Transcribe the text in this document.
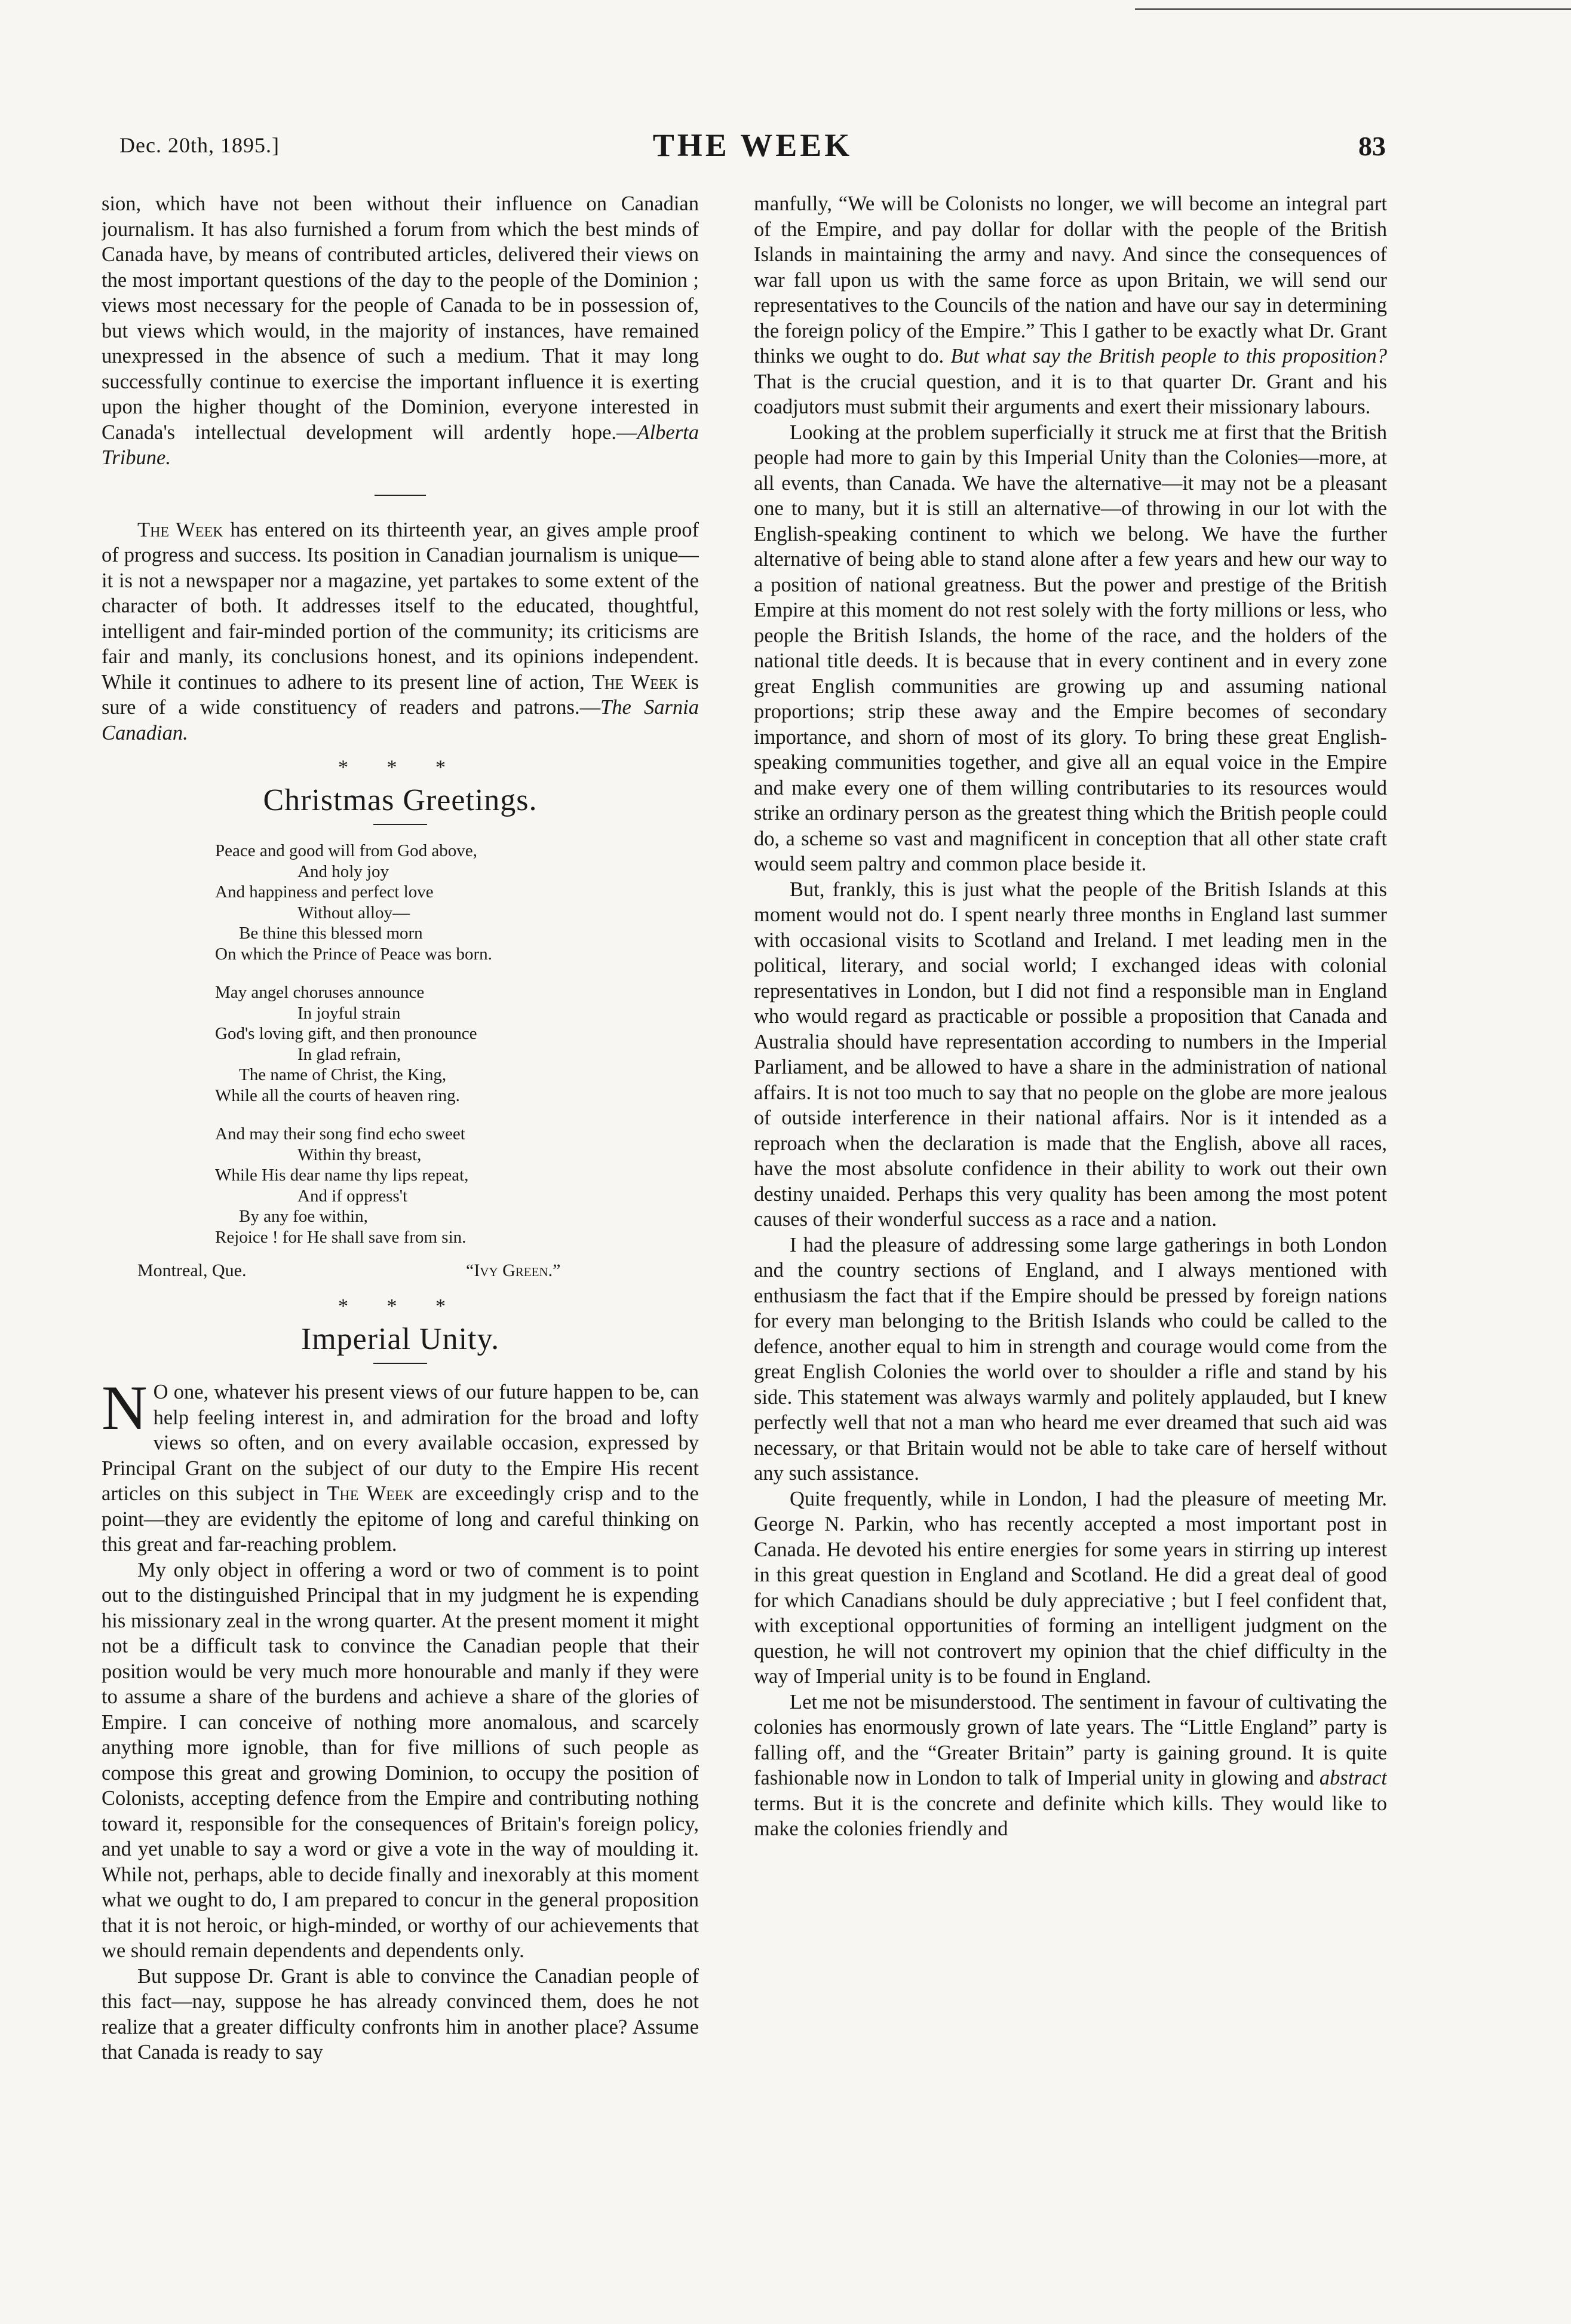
Dec. 20th, 1895.]	THE WEEK	83

sion, which have not been without their influence on Canadian journalism. It has also furnished a forum from which the best minds of Canada have, by means of contributed articles, delivered their views on the most important questions of the day to the people of the Dominion ; views most necessary for the people of Canada to be in possession of, but views which would, in the majority of instances, have remained unexpressed in the absence of such a medium. That it may long successfully continue to exercise the important influence it is exerting upon the higher thought of the Dominion, everyone interested in Canada's intellectual development will ardently hope.—Alberta Tribune.

The Week has entered on its thirteenth year, an gives ample proof of progress and success. Its position in Canadian journalism is unique—it is not a newspaper nor a magazine, yet partakes to some extent of the character of both. It addresses itself to the educated, thoughtful, intelligent and fair-minded portion of the community; its criticisms are fair and manly, its conclusions honest, and its opinions independent. While it continues to adhere to its present line of action, The Week is sure of a wide constituency of readers and patrons.—The Sarnia Canadian.

* * *
Christmas Greetings.
Peace and good will from God above,
And holy joy
And happiness and perfect love
Without alloy—
Be thine this blessed morn
On which the Prince of Peace was born.
May angel choruses announce
In joyful strain
God's loving gift, and then pronounce
In glad refrain,
The name of Christ, the King,
While all the courts of heaven ring.
And may their song find echo sweet
Within thy breast,
While His dear name thy lips repeat,
And if oppress't
By any foe within,
Rejoice ! for He shall save from sin.
Montreal, Que.	“Ivy Green.”
* * *
Imperial Unity.

N O one, whatever his present views of our future happen to be, can help feeling interest in, and admiration for the broad and lofty views so often, and on every available occasion, expressed by Principal Grant on the subject of our duty to the Empire His recent articles on this subject in The Week are exceedingly crisp and to the point—they are evidently the epitome of long and careful thinking on this great and far-reaching problem.

My only object in offering a word or two of comment is to point out to the distinguished Principal that in my judgment he is expending his missionary zeal in the wrong quarter. At the present moment it might not be a difficult task to convince the Canadian people that their position would be very much more honourable and manly if they were to assume a share of the burdens and achieve a share of the glories of Empire. I can conceive of nothing more anomalous, and scarcely anything more ignoble, than for five millions of such people as compose this great and growing Dominion, to occupy the position of Colonists, accepting defence from the Empire and contributing nothing toward it, responsible for the consequences of Britain's foreign policy, and yet unable to say a word or give a vote in the way of moulding it. While not, perhaps, able to decide finally and inexorably at this moment what we ought to do, I am prepared to concur in the general proposition that it is not heroic, or high-minded, or worthy of our achievements that we should remain dependents and dependents only.

But suppose Dr. Grant is able to convince the Canadian people of this fact—nay, suppose he has already convinced them, does he not realize that a greater difficulty confronts him in another place? Assume that Canada is ready to say

manfully, “We will be Colonists no longer, we will become an integral part of the Empire, and pay dollar for dollar with the people of the British Islands in maintaining the army and navy. And since the consequences of war fall upon us with the same force as upon Britain, we will send our representatives to the Councils of the nation and have our say in determining the foreign policy of the Empire.” This I gather to be exactly what Dr. Grant thinks we ought to do. But what say the British people to this proposition? That is the crucial question, and it is to that quarter Dr. Grant and his coadjutors must submit their arguments and exert their missionary labours.

Looking at the problem superficially it struck me at first that the British people had more to gain by this Imperial Unity than the Colonies—more, at all events, than Canada. We have the alternative—it may not be a pleasant one to many, but it is still an alternative—of throwing in our lot with the English-speaking continent to which we belong. We have the further alternative of being able to stand alone after a few years and hew our way to a position of national greatness. But the power and prestige of the British Empire at this moment do not rest solely with the forty millions or less, who people the British Islands, the home of the race, and the holders of the national title deeds. It is because that in every continent and in every zone great English communities are growing up and assuming national proportions; strip these away and the Empire becomes of secondary importance, and shorn of most of its glory. To bring these great English-speaking communities together, and give all an equal voice in the Empire and make every one of them willing contributaries to its resources would strike an ordinary person as the greatest thing which the British people could do, a scheme so vast and magnificent in conception that all other state craft would seem paltry and common place beside it.

But, frankly, this is just what the people of the British Islands at this moment would not do. I spent nearly three months in England last summer with occasional visits to Scotland and Ireland. I met leading men in the political, literary, and social world; I exchanged ideas with colonial representatives in London, but I did not find a responsible man in England who would regard as practicable or possible a proposition that Canada and Australia should have representation according to numbers in the Imperial Parliament, and be allowed to have a share in the administration of national affairs. It is not too much to say that no people on the globe are more jealous of outside interference in their national affairs. Nor is it intended as a reproach when the declaration is made that the English, above all races, have the most absolute confidence in their ability to work out their own destiny unaided. Perhaps this very quality has been among the most potent causes of their wonderful success as a race and a nation.

I had the pleasure of addressing some large gatherings in both London and the country sections of England, and I always mentioned with enthusiasm the fact that if the Empire should be pressed by foreign nations for every man belonging to the British Islands who could be called to the defence, another equal to him in strength and courage would come from the great English Colonies the world over to shoulder a rifle and stand by his side. This statement was always warmly and politely applauded, but I knew perfectly well that not a man who heard me ever dreamed that such aid was necessary, or that Britain would not be able to take care of herself without any such assistance.

Quite frequently, while in London, I had the pleasure of meeting Mr. George N. Parkin, who has recently accepted a most important post in Canada. He devoted his entire energies for some years in stirring up interest in this great question in England and Scotland. He did a great deal of good for which Canadians should be duly appreciative ; but I feel confident that, with exceptional opportunities of forming an intelligent judgment on the question, he will not controvert my opinion that the chief difficulty in the way of Imperial unity is to be found in England.

Let me not be misunderstood. The sentiment in favour of cultivating the colonies has enormously grown of late years. The “Little England” party is falling off, and the “Greater Britain” party is gaining ground. It is quite fashionable now in London to talk of Imperial unity in glowing and abstract terms. But it is the concrete and definite which kills. They would like to make the colonies friendly and
